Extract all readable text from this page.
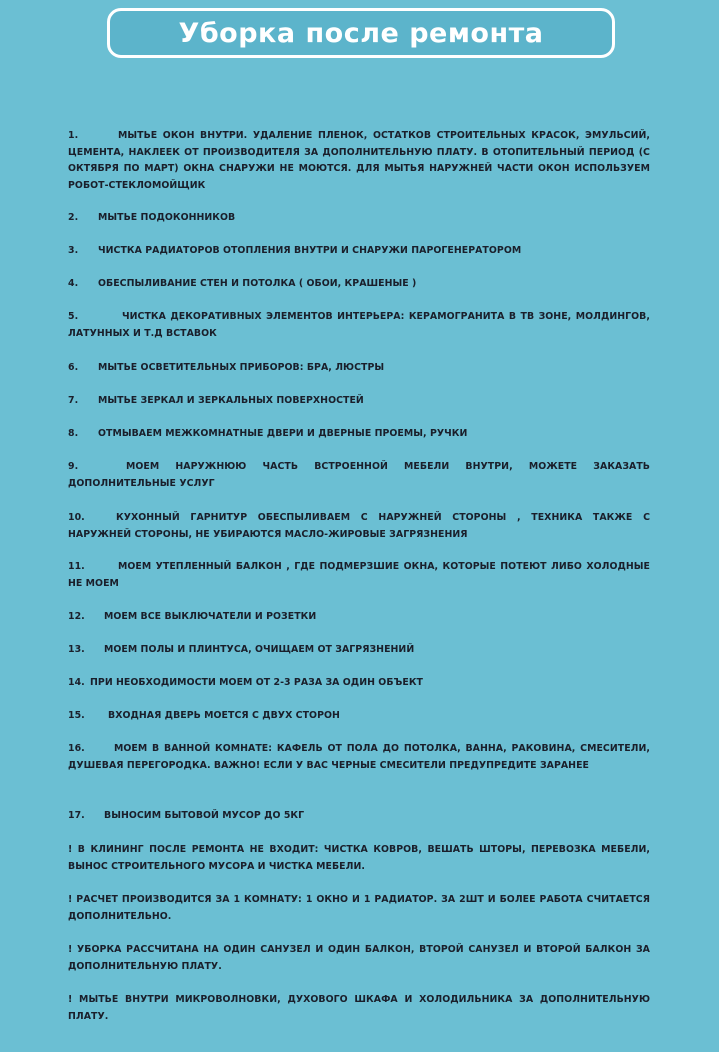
Уборка после ремонта
1.	МЫТЬЕ ОКОН ВНУТРИ. УДАЛЕНИЕ ПЛЕНОК, ОСТАТКОВ СТРОИТЕЛЬНЫХ КРАСОК, ЭМУЛЬСИЙ, ЦЕМЕНТА, НАКЛЕЕК ОТ ПРОИЗВОДИТЕЛЯ ЗА ДОПОЛНИТЕЛЬНУЮ ПЛАТУ. В ОТОПИТЕЛЬНЫЙ ПЕРИОД (С ОКТЯБРЯ ПО МАРТ) ОКНА СНАРУЖИ НЕ МОЮТСЯ. ДЛЯ МЫТЬЯ НАРУЖНЕЙ ЧАСТИ ОКОН ИСПОЛЬЗУЕМ РОБОТ-СТЕКЛОМОЙЩИК
2. МЫТЬЕ ПОДОКОННИКОВ
3. ЧИСТКА РАДИАТОРОВ ОТОПЛЕНИЯ ВНУТРИ И СНАРУЖИ ПАРОГЕНЕРАТОРОМ
4. ОБЕСПЫЛИВАНИЕ СТЕН И ПОТОЛКА ( ОБОИ, КРАШЕНЫЕ )
5.	ЧИСТКА ДЕКОРАТИВНЫХ ЭЛЕМЕНТОВ ИНТЕРЬЕРА: КЕРАМОГРАНИТА В ТВ ЗОНЕ, МОЛДИНГОВ, ЛАТУННЫХ И Т.Д ВСТАВОК
6. МЫТЬЕ ОСВЕТИТЕЛЬНЫХ ПРИБОРОВ: БРА, ЛЮСТРЫ
7. МЫТЬЕ ЗЕРКАЛ И ЗЕРКАЛЬНЫХ ПОВЕРХНОСТЕЙ
8. ОТМЫВАЕМ МЕЖКОМНАТНЫЕ ДВЕРИ И ДВЕРНЫЕ ПРОЕМЫ, РУЧКИ
9.	МОЕМ НАРУЖНЮЮ ЧАСТЬ ВСТРОЕННОЙ МЕБЕЛИ ВНУТРИ, МОЖЕТЕ ЗАКАЗАТЬ ДОПОЛНИТЕЛЬНЫЕ УСЛУГ
10.	КУХОННЫЙ ГАРНИТУР ОБЕСПЫЛИВАЕМ С НАРУЖНЕЙ СТОРОНЫ , ТЕХНИКА ТАКЖЕ С НАРУЖНЕЙ СТОРОНЫ, НЕ УБИРАЮТСЯ МАСЛО-ЖИРОВЫЕ ЗАГРЯЗНЕНИЯ
11.	МОЕМ УТЕПЛЕННЫЙ БАЛКОН , ГДЕ ПОДМЕРЗШИЕ ОКНА, КОТОРЫЕ ПОТЕЮТ ЛИБО ХОЛОДНЫЕ НЕ МОЕМ
12. МОЕМ ВСЕ ВЫКЛЮЧАТЕЛИ И РОЗЕТКИ
13. МОЕМ ПОЛЫ И ПЛИНТУСА, ОЧИЩАЕМ ОТ ЗАГРЯЗНЕНИЙ
14. ПРИ НЕОБХОДИМОСТИ МОЕМ ОТ 2-3 РАЗА ЗА ОДИН ОБЪЕКТ
15. ВХОДНАЯ ДВЕРЬ МОЕТСЯ С ДВУХ СТОРОН
16.	МОЕМ В ВАННОЙ КОМНАТЕ: КАФЕЛЬ ОТ ПОЛА ДО ПОТОЛКА, ВАННА, РАКОВИНА, СМЕСИТЕЛИ, ДУШЕВАЯ ПЕРЕГОРОДКА. ВАЖНО! ЕСЛИ У ВАС ЧЕРНЫЕ СМЕСИТЕЛИ ПРЕДУПРЕДИТЕ ЗАРАНЕЕ
17. ВЫНОСИМ БЫТОВОЙ МУСОР ДО 5КГ
! В КЛИНИНГ ПОСЛЕ РЕМОНТА НЕ ВХОДИТ: ЧИСТКА КОВРОВ, ВЕШАТЬ ШТОРЫ, ПЕРЕВОЗКА МЕБЕЛИ, ВЫНОС СТРОИТЕЛЬНОГО МУСОРА И ЧИСТКА МЕБЕЛИ.
! РАСЧЕТ ПРОИЗВОДИТСЯ ЗА 1 КОМНАТУ: 1 ОКНО И 1 РАДИАТОР. ЗА 2ШТ И БОЛЕЕ РАБОТА СЧИТАЕТСЯ ДОПОЛНИТЕЛЬНО.
! УБОРКА РАССЧИТАНА НА ОДИН САНУЗЕЛ И ОДИН БАЛКОН, ВТОРОЙ САНУЗЕЛ И ВТОРОЙ БАЛКОН ЗА ДОПОЛНИТЕЛЬНУЮ ПЛАТУ.
! МЫТЬЕ ВНУТРИ МИКРОВОЛНОВКИ, ДУХОВОГО ШКАФА И ХОЛОДИЛЬНИКА ЗА ДОПОЛНИТЕЛЬНУЮ ПЛАТУ.
